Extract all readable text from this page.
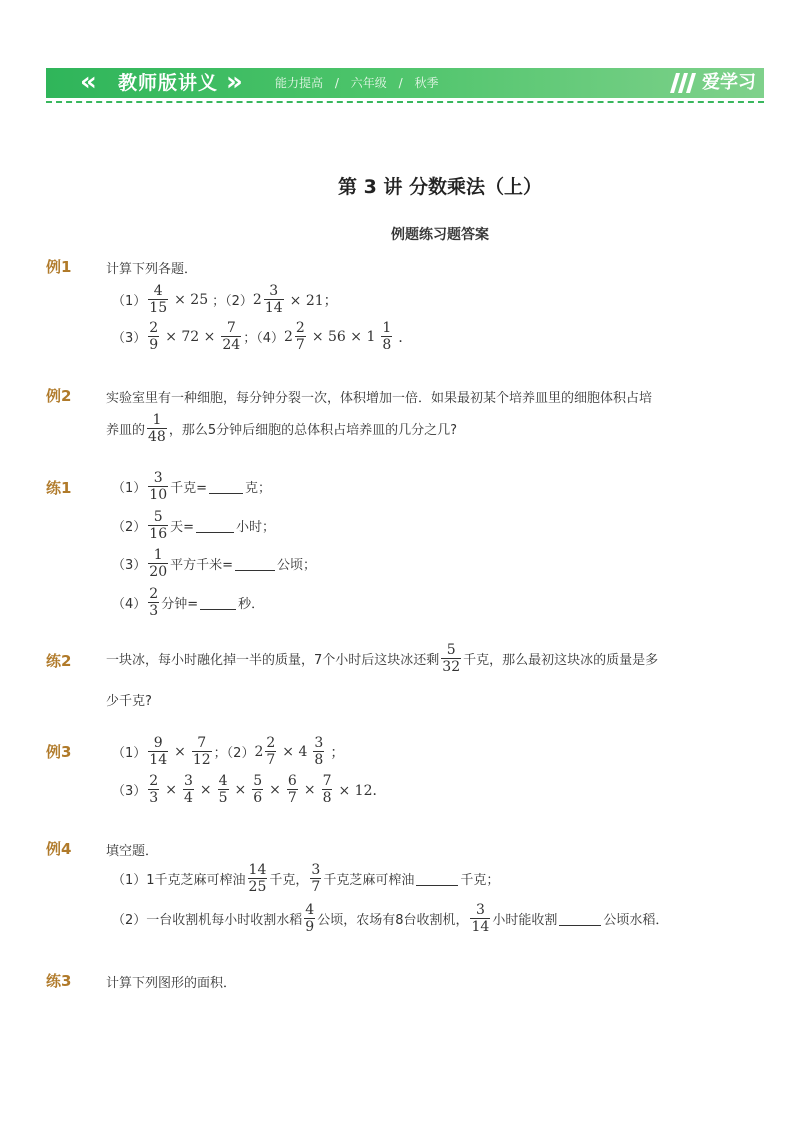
« 教师版讲义 »	能力提高 / 六年级 / 秋季	爱学习
第 3 讲 分数乘法（上）
例题练习题答案
例1	计算下列各题．
$(1) \frac{4}{15} \times 25$ ；（2） $2 \frac{3}{14} \times 21$；
$(3) \frac{2}{9} \times 72 \times \frac{7}{24}$ ；（4） $2 \frac{2}{7} \times 56 \times 1 \frac{1}{8}$ ．
例2	实验室里有一种细胞，每分钟分裂一次，体积增加一倍．如果最初某个培养皿里的细胞体积占培
养皿的 $\frac{1}{48}$ ，那么5分钟后细胞的总体积占培养皿的几分之几?
练1	$(1) \frac{3}{10}$ 千克=	克；
$(2) \frac{5}{16}$ 天=	小时；
$(3) \frac{1}{20}$ 平方千米=	公顷；
$(4) \frac{2}{3}$ 分钟=	秒．
练2	一块冰，每小时融化掉一半的质量，7个小时后这块冰还剩 $\frac{5}{32}$ 千克，那么最初这块冰的质量是多
少千克?
例3	$(1) \frac{9}{14} \times \frac{7}{12}$ ；（2） $2 \frac{2}{7} \times 4 \frac{3}{8}$ ；
$(3) \frac{2}{3} \times \frac{3}{4} \times \frac{4}{5} \times \frac{5}{6} \times \frac{6}{7} \times \frac{7}{8} \times 12$．
例4	填空题．
（1）1千克芝麻可榨油 $\frac{14}{25}$ 千克， $\frac{3}{7}$ 千克芝麻可榨油	千克；
（2）一台收割机每小时收割水稻 $\frac{4}{9}$ 公顷，农场有8台收割机， $\frac{3}{14}$ 小时能收割	公顷水稻．
练3	计算下列图形的面积．
